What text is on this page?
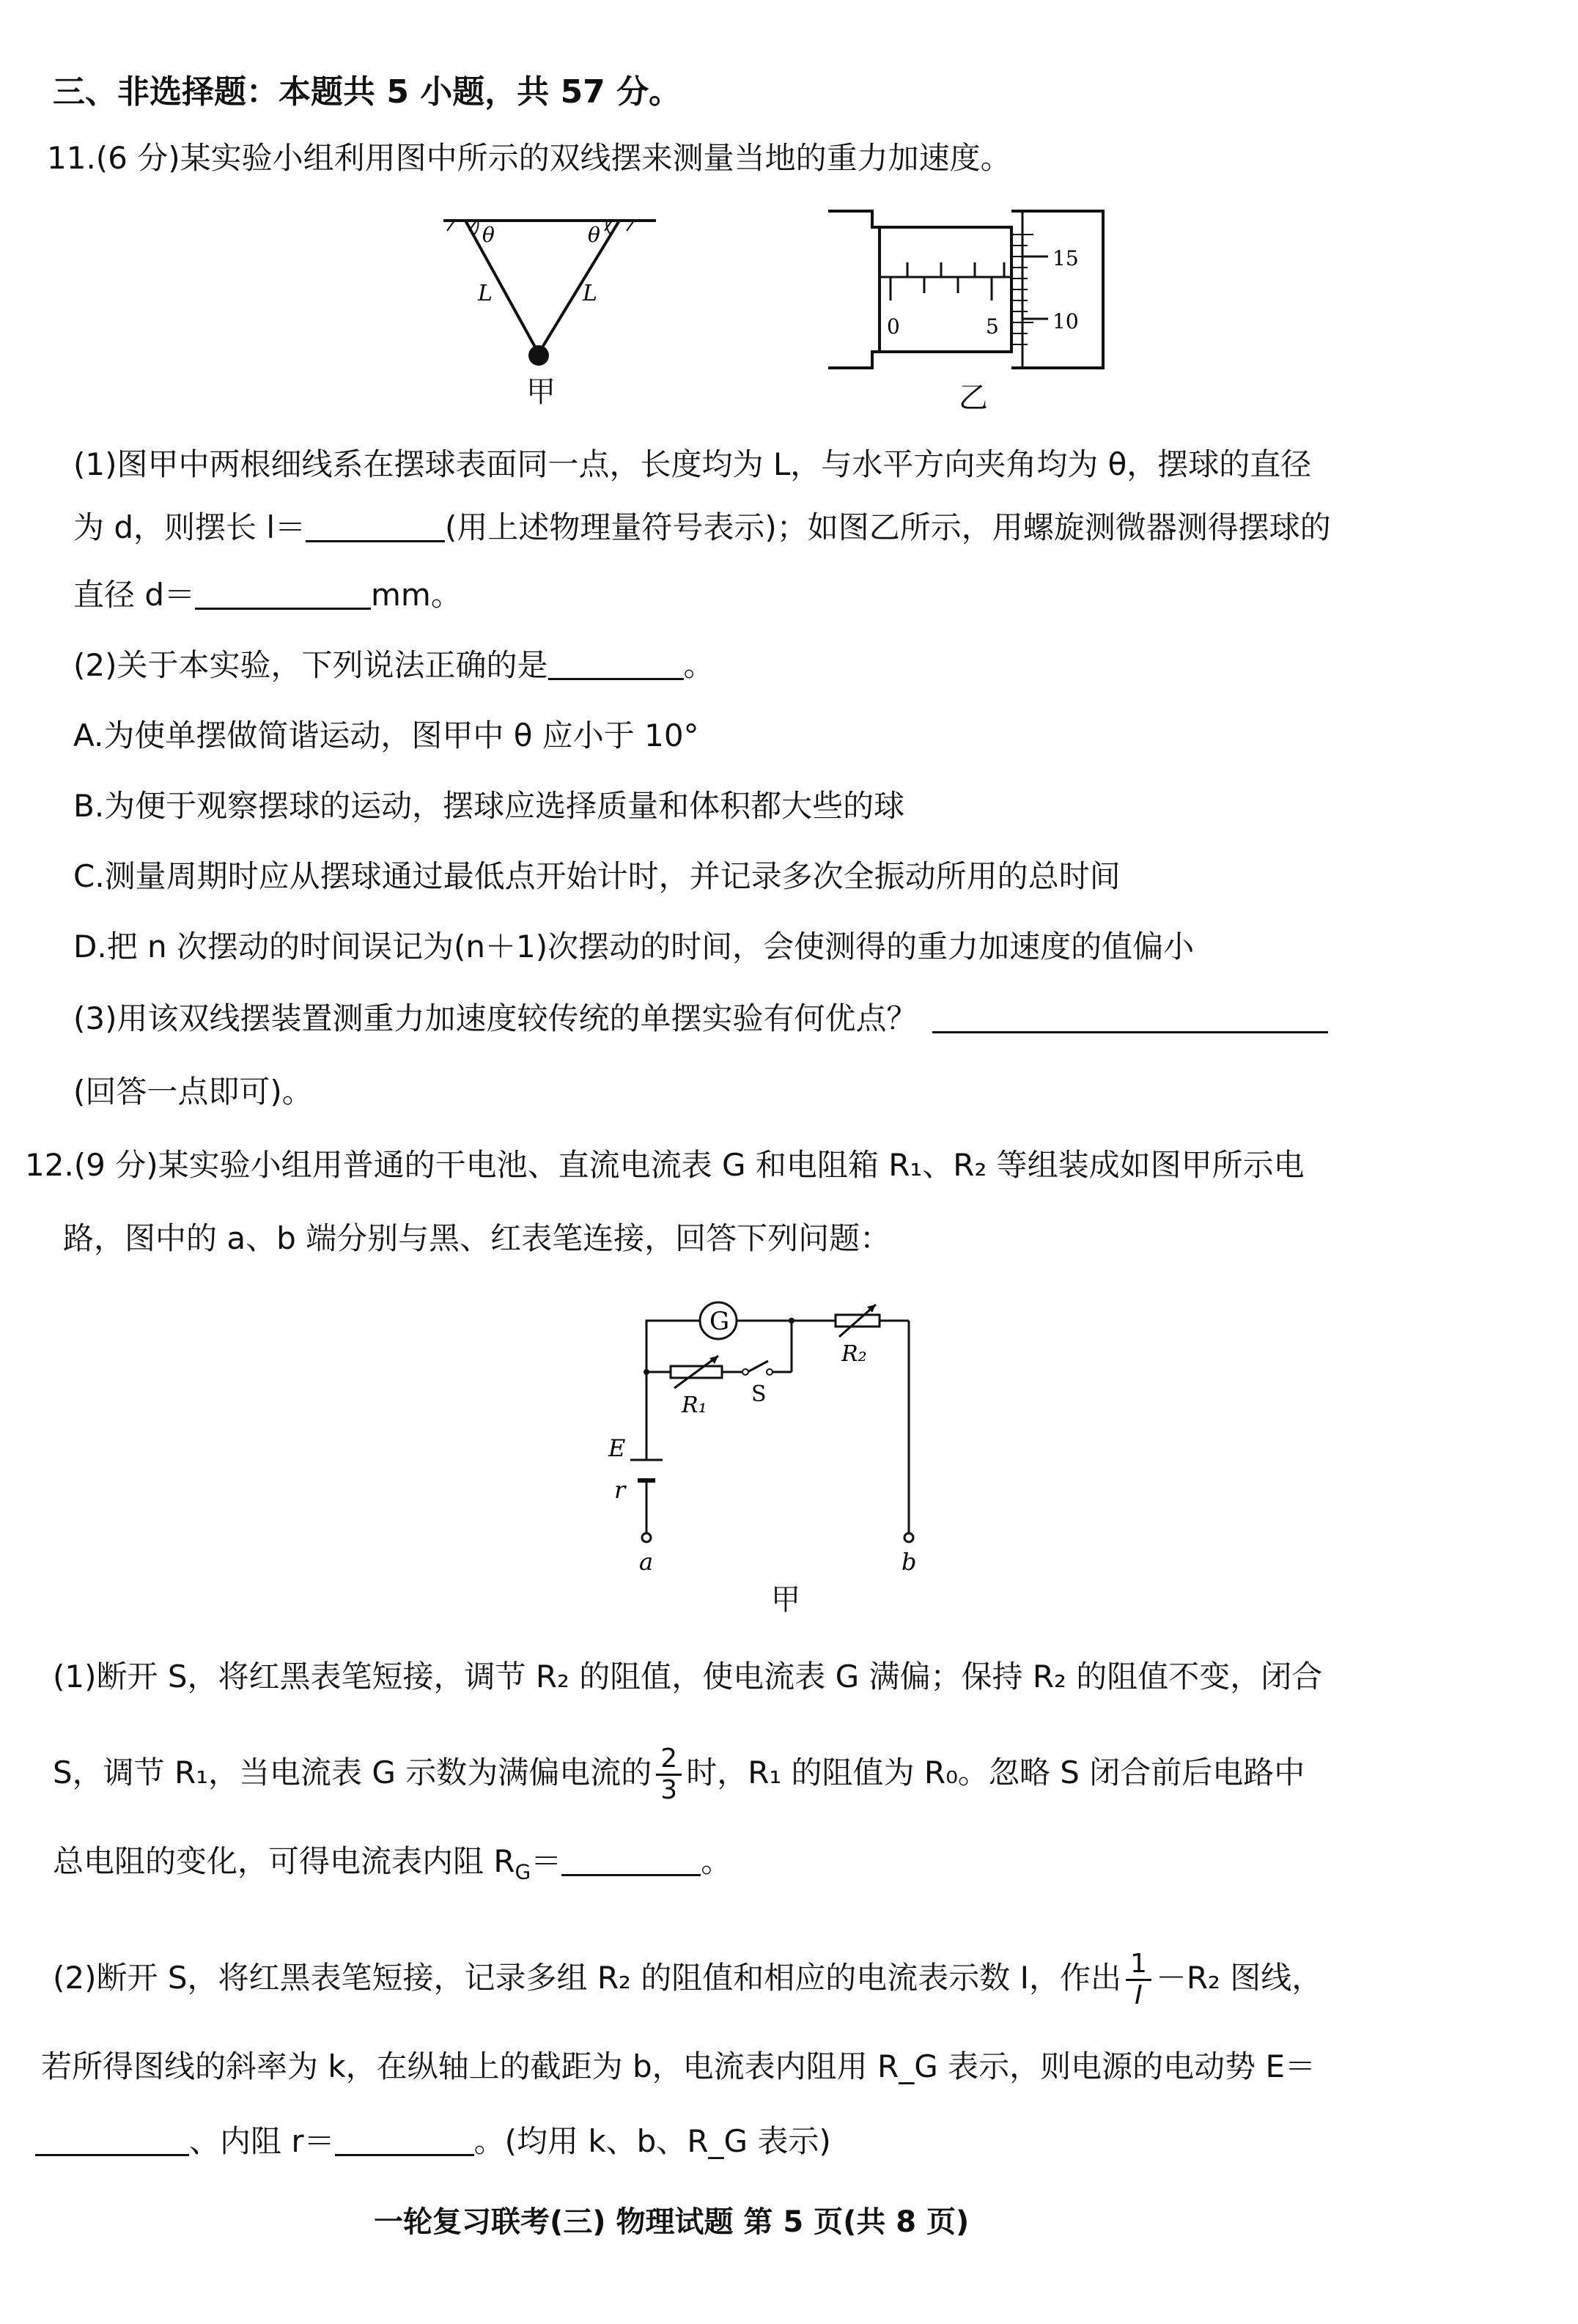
三、非选择题：本题共 5 小题，共 57 分。
11.(6 分)某实验小组利用图中所示的双线摆来测量当地的重力加速度。
θ	θ
L	L
甲
0	5
15
10
乙
(1)图甲中两根细线系在摆球表面同一点，长度均为 L，与水平方向夹角均为 θ，摆球的直径
为 d，则摆长 l＝	(用上述物理量符号表示)；如图乙所示，用螺旋测微器测得摆球的
直径 d＝	mm。
(2)关于本实验，下列说法正确的是	。
A.为使单摆做简谐运动，图甲中 θ 应小于 10°
B.为便于观察摆球的运动，摆球应选择质量和体积都大些的球
C.测量周期时应从摆球通过最低点开始计时，并记录多次全振动所用的总时间
D.把 n 次摆动的时间误记为(n＋1)次摆动的时间，会使测得的重力加速度的值偏小
(3)用该双线摆装置测重力加速度较传统的单摆实验有何优点？
(回答一点即可)。
12.(9 分)某实验小组用普通的干电池、直流电流表 G 和电阻箱 R₁、R₂ 等组装成如图甲所示电
路，图中的 a、b 端分别与黑、红表笔连接，回答下列问题：
G
R₂
R₁ S
E
r
a	b
甲
(1)断开 S，将红黑表笔短接，调节 R₂ 的阻值，使电流表 G 满偏；保持 R₂ 的阻值不变，闭合
S，调节 R₁，当电流表 G 示数为满偏电流的 $\frac{2}{3}$ 时，R₁ 的阻值为 R₀。忽略 S 闭合前后电路中
总电阻的变化，可得电流表内阻 $R_G=$	。
(2)断开 S，将红黑表笔短接，记录多组 R₂ 的阻值和相应的电流表示数 I，作出 $\frac{1}{I} -R_2$ 图线，
若所得图线的斜率为 k，在纵轴上的截距为 b，电流表内阻用 R_G 表示，则电源的电动势 E＝
、内阻 r＝	。(均用 k、b、R_G 表示)
一轮复习联考(三) 物理试题 第 5 页(共 8 页)
